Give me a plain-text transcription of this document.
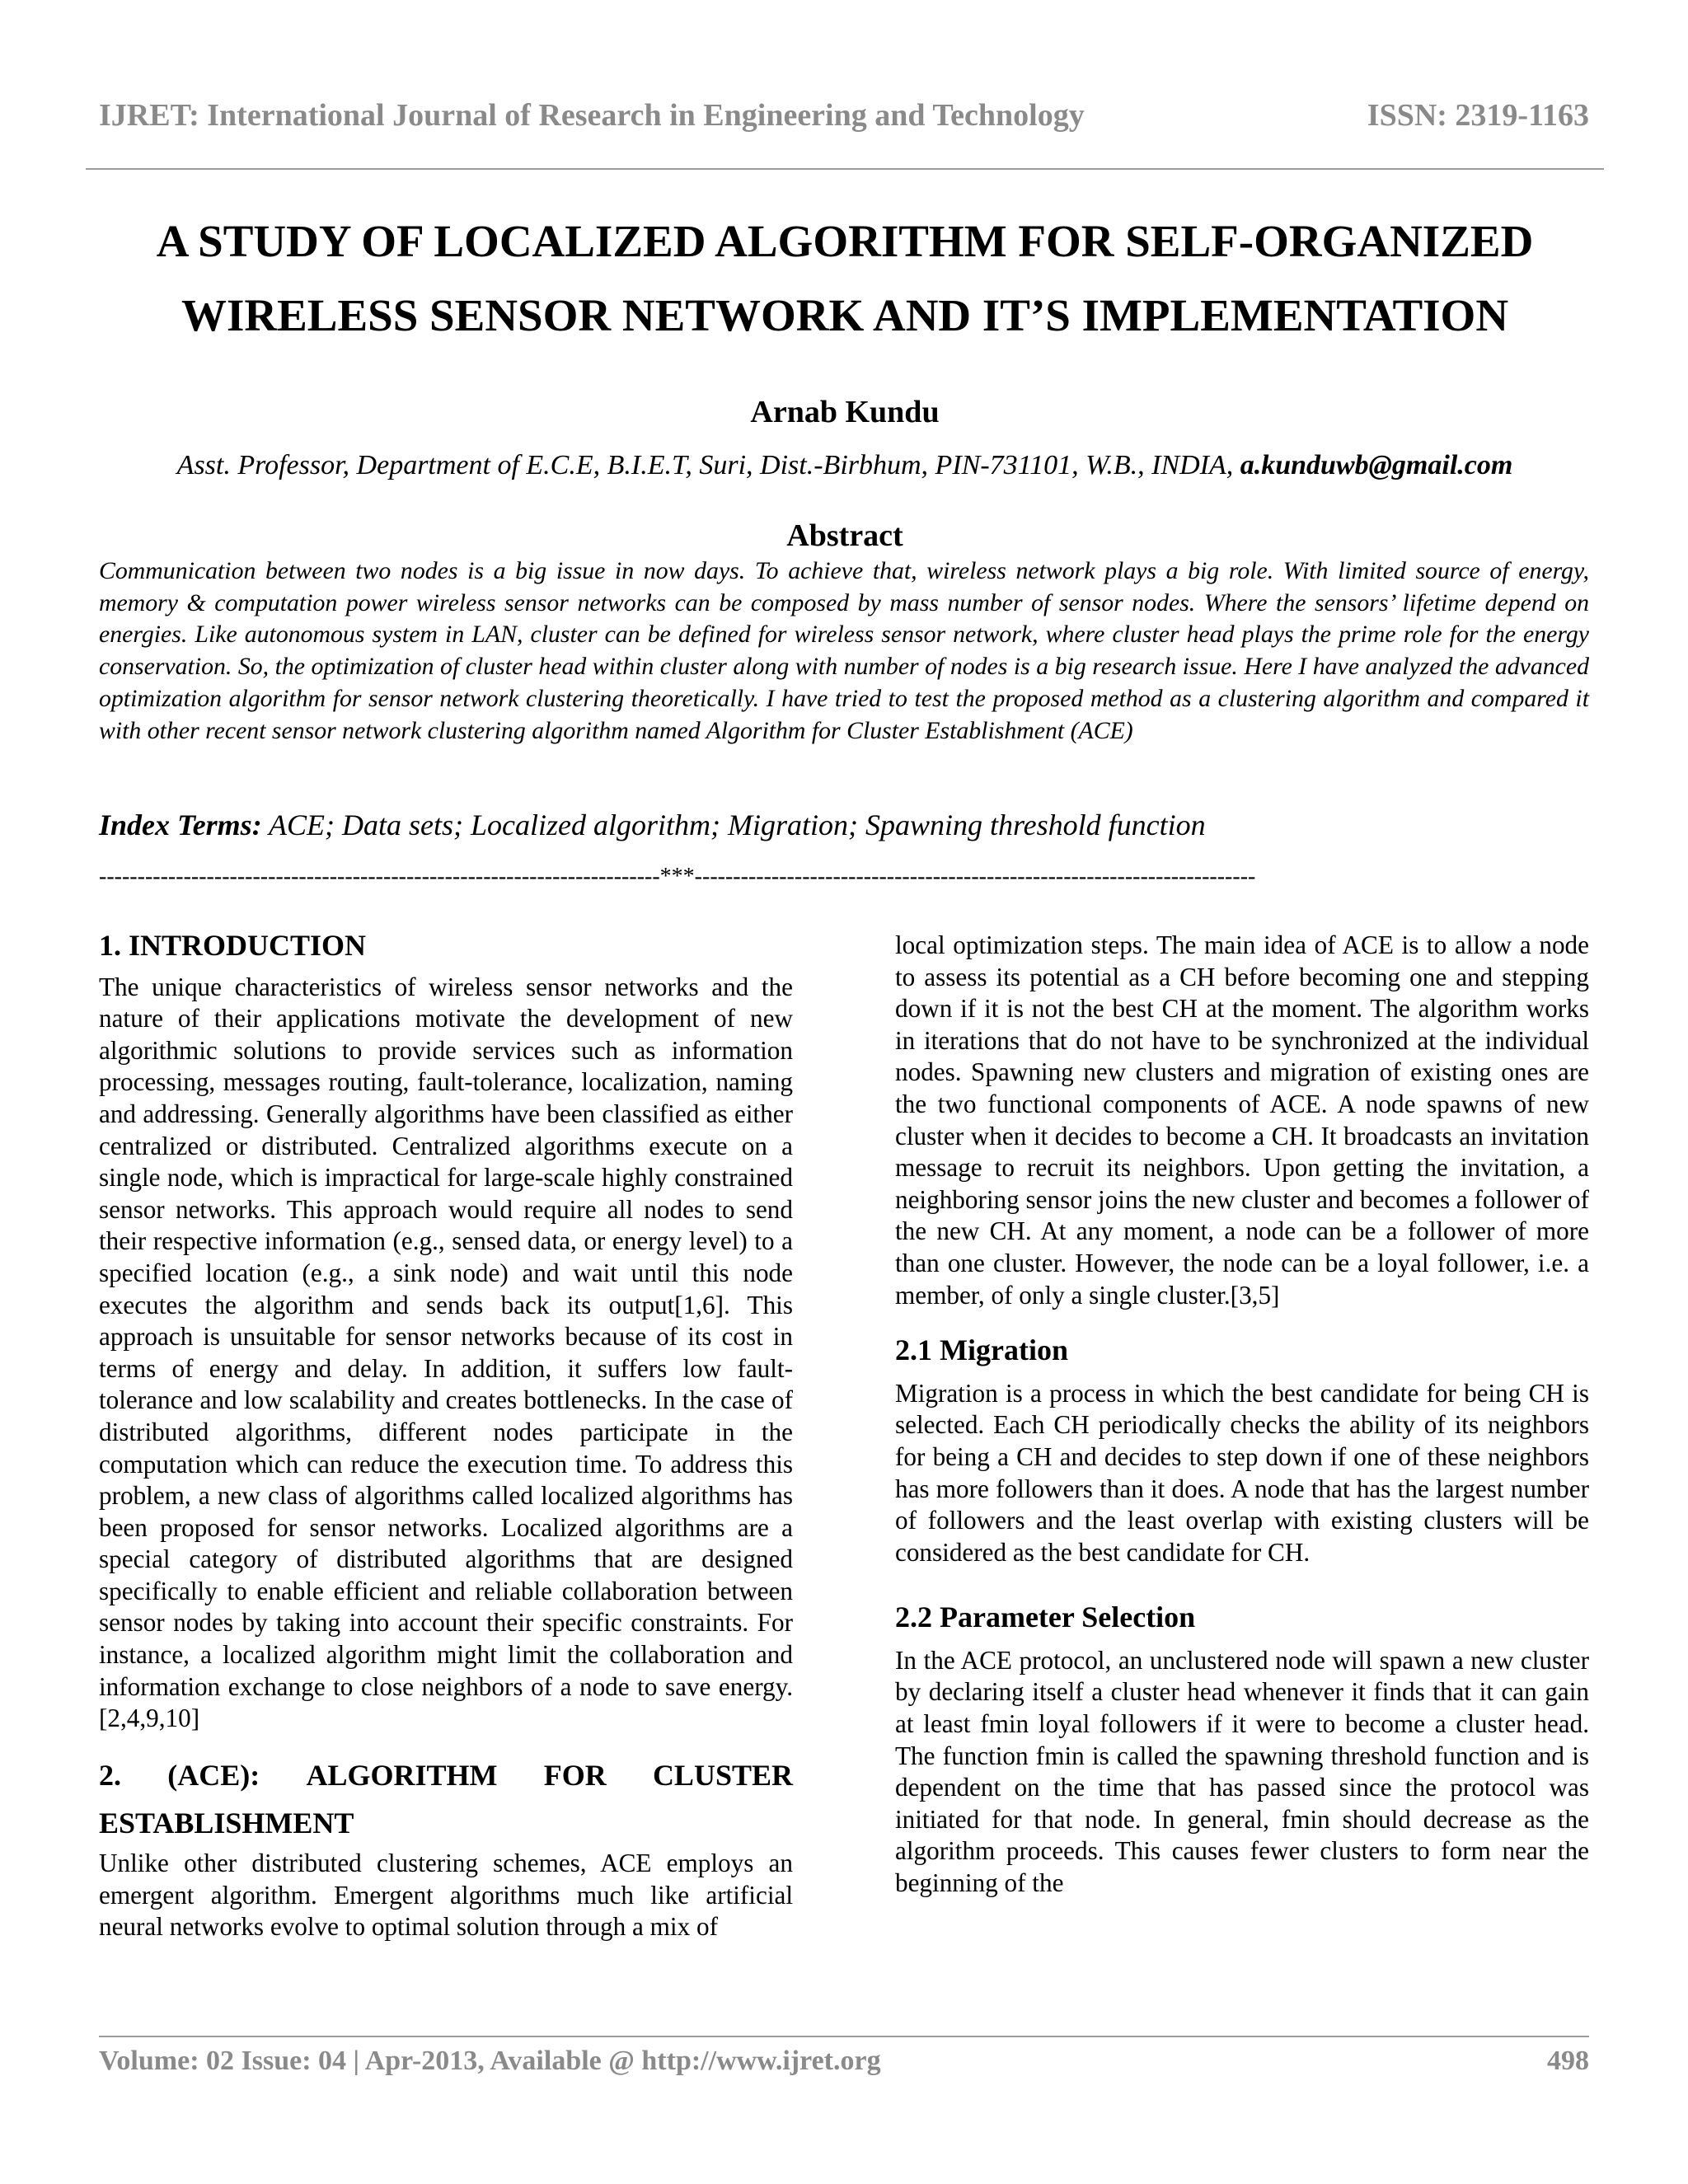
IJRET: International Journal of Research in Engineering and Technology	ISSN: 2319-1163
A STUDY OF LOCALIZED ALGORITHM FOR SELF-ORGANIZED
WIRELESS SENSOR NETWORK AND IT’S IMPLEMENTATION
Arnab Kundu
Asst. Professor, Department of E.C.E, B.I.E.T, Suri, Dist.-Birbhum, PIN-731101, W.B., INDIA, a.kunduwb@gmail.com
Abstract
Communication between two nodes is a big issue in now days. To achieve that, wireless network plays a big role. With limited source of energy, memory & computation power wireless sensor networks can be composed by mass number of sensor nodes. Where the sensors’ lifetime depend on energies. Like autonomous system in LAN, cluster can be defined for wireless sensor network, where cluster head plays the prime role for the energy conservation. So, the optimization of cluster head within cluster along with number of nodes is a big research issue. Here I have analyzed the advanced optimization algorithm for sensor network clustering theoretically. I have tried to test the proposed method as a clustering algorithm and compared it with other recent sensor network clustering algorithm named Algorithm for Cluster Establishment (ACE)
Index Terms: ACE; Data sets; Localized algorithm; Migration; Spawning threshold function
-------------------------------------------------------------------------***-------------------------------------------------------------------------

1. INTRODUCTION

The unique characteristics of wireless sensor networks and the nature of their applications motivate the development of new algorithmic solutions to provide services such as information processing, messages routing, fault-tolerance, localization, naming and addressing. Generally algorithms have been classified as either centralized or distributed. Centralized algorithms execute on a single node, which is impractical for large-scale highly constrained sensor networks. This approach would require all nodes to send their respective information (e.g., sensed data, or energy level) to a specified location (e.g., a sink node) and wait until this node executes the algorithm and sends back its output[1,6]. This approach is unsuitable for sensor networks because of its cost in terms of energy and delay. In addition, it suffers low fault-tolerance and low scalability and creates bottlenecks. In the case of distributed algorithms, different nodes participate in the computation which can reduce the execution time. To address this problem, a new class of algorithms called localized algorithms has been proposed for sensor networks. Localized algorithms are a special category of distributed algorithms that are designed specifically to enable efficient and reliable collaboration between sensor nodes by taking into account their specific constraints. For instance, a localized algorithm might limit the collaboration and information exchange to close neighbors of a node to save energy.[2,4,9,10]

2. (ACE): ALGORITHM FOR CLUSTER

ESTABLISHMENT

Unlike other distributed clustering schemes, ACE employs an emergent algorithm. Emergent algorithms much like artificial neural networks evolve to optimal solution through a mix of

local optimization steps. The main idea of ACE is to allow a node to assess its potential as a CH before becoming one and stepping down if it is not the best CH at the moment. The algorithm works in iterations that do not have to be synchronized at the individual nodes. Spawning new clusters and migration of existing ones are the two functional components of ACE. A node spawns of new cluster when it decides to become a CH. It broadcasts an invitation message to recruit its neighbors. Upon getting the invitation, a neighboring sensor joins the new cluster and becomes a follower of the new CH. At any moment, a node can be a follower of more than one cluster. However, the node can be a loyal follower, i.e. a member, of only a single cluster.[3,5]

2.1 Migration

Migration is a process in which the best candidate for being CH is selected. Each CH periodically checks the ability of its neighbors for being a CH and decides to step down if one of these neighbors has more followers than it does. A node that has the largest number of followers and the least overlap with existing clusters will be considered as the best candidate for CH.

2.2 Parameter Selection

In the ACE protocol, an unclustered node will spawn a new cluster by declaring itself a cluster head whenever it finds that it can gain at least fmin loyal followers if it were to become a cluster head. The function fmin is called the spawning threshold function and is dependent on the time that has passed since the protocol was initiated for that node. In general, fmin should decrease as the algorithm proceeds. This causes fewer clusters to form near the beginning of the

Volume: 02 Issue: 04 | Apr-2013, Available @ http://www.ijret.org	498
